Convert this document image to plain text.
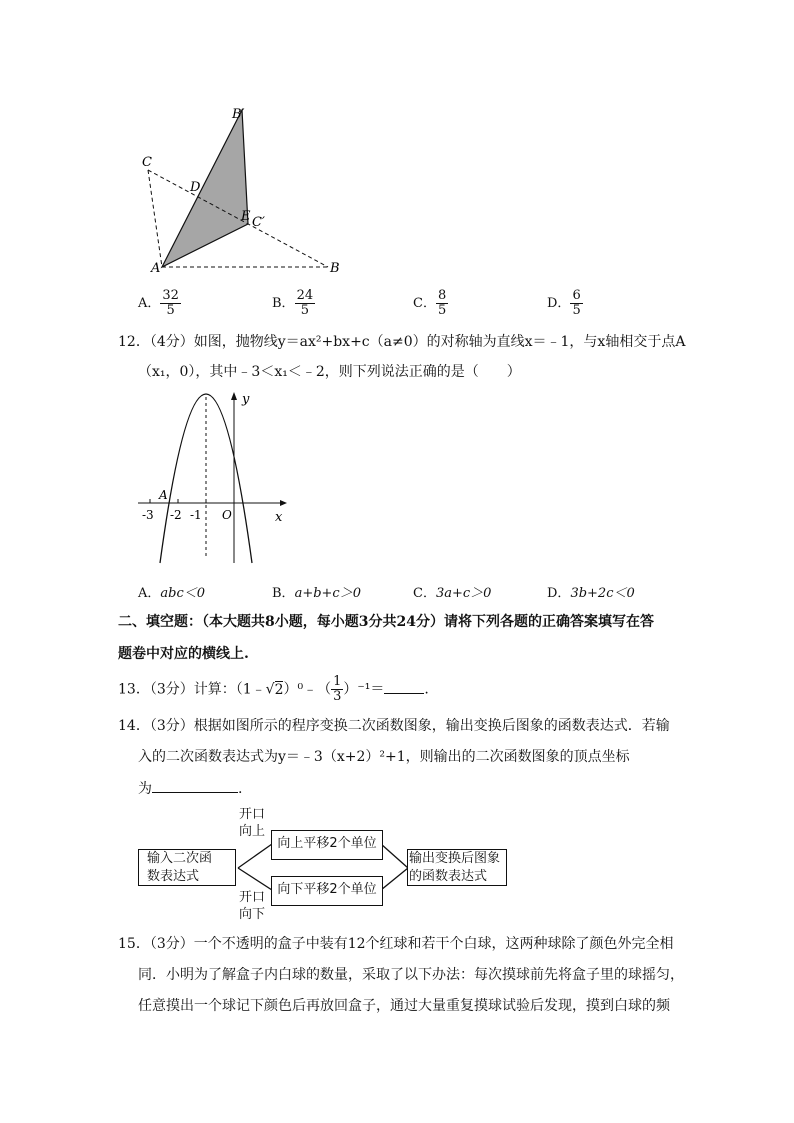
B′
C
D
E C′
A	B
A． $\frac{32}{5}$	B． $\frac{24}{5}$	C． $\frac{8}{5}$	D． $\frac{6}{5}$
12．（4分）如图，抛物线y＝ax²+bx+c（a≠0）的对称轴为直线x＝﹣1，与x轴相交于点A
（x₁，0），其中﹣3＜x₁＜﹣2，则下列说法正确的是（　　）
y
x
A
O
-3 -2 -1
A．abc＜0	B．a+b+c＞0	C．3a+c＞0	D．3b+2c＜0
二、填空题：（本大题共8小题，每小题3分共24分）请将下列各题的正确答案填写在答
题卷中对应的横线上.
13．（3分）计算：（1﹣√2）⁰﹣（ $\frac{1}{3} )^{-1}=$	.
14．（3分）根据如图所示的程序变换二次函数图象，输出变换后图象的函数表达式．若输
入的二次函数表达式为y＝﹣3（x+2）²+1，则输出的二次函数图象的顶点坐标
为	.
输入二次函
数表达式
向上平移2个单位
向下平移2个单位
输出变换后图象
的函数表达式
开口
向上
开口
向下
15．（3分）一个不透明的盒子中装有12个红球和若干个白球，这两种球除了颜色外完全相
同．小明为了解盒子内白球的数量，采取了以下办法：每次摸球前先将盒子里的球摇匀，
任意摸出一个球记下颜色后再放回盒子，通过大量重复摸球试验后发现，摸到白球的频
